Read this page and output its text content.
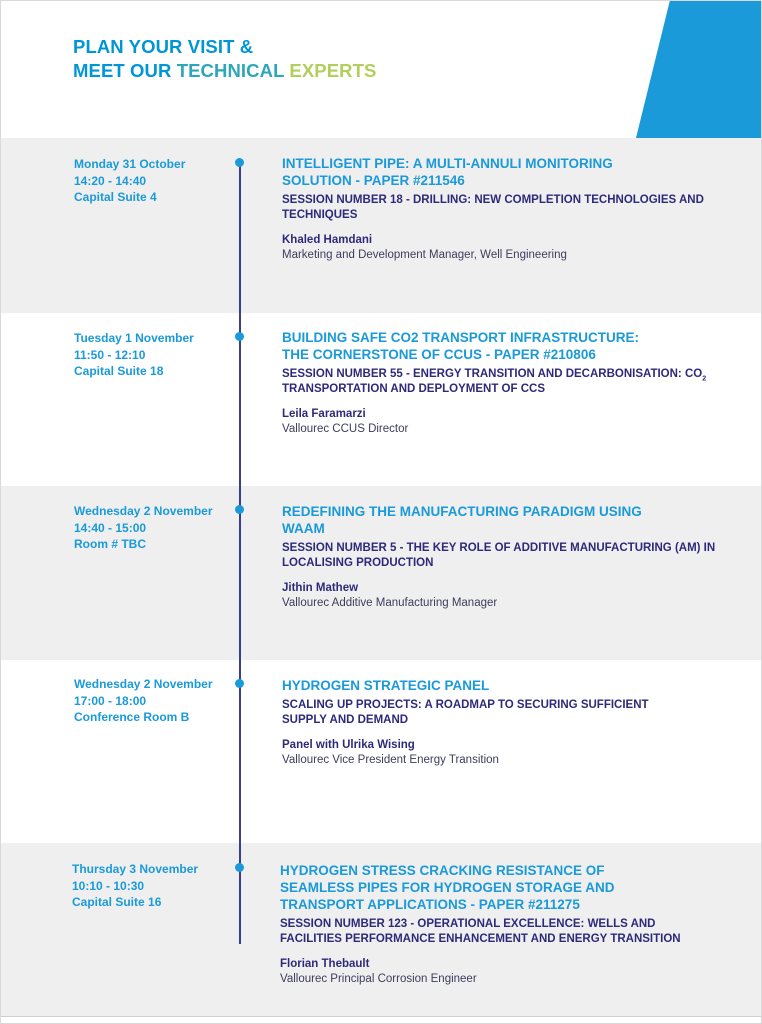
PLAN YOUR VISIT &
MEET OUR TECHNICAL EXPERTS
Monday 31 October
14:20 - 14:40
Capital Suite 4
INTELLIGENT PIPE: A MULTI-ANNULI MONITORING
SOLUTION - PAPER #211546
SESSION NUMBER 18 - DRILLING: NEW COMPLETION TECHNOLOGIES AND TECHNIQUES
Khaled Hamdani
Marketing and Development Manager, Well Engineering
Tuesday 1 November
11:50 - 12:10
Capital Suite 18
BUILDING SAFE CO2 TRANSPORT INFRASTRUCTURE:
THE CORNERSTONE OF CCUS - PAPER #210806
SESSION NUMBER 55 - ENERGY TRANSITION AND DECARBONISATION: $CO_2$ TRANSPORTATION AND DEPLOYMENT OF CCS
Leila Faramarzi
Vallourec CCUS Director
Wednesday 2 November
14:40 - 15:00
Room # TBC
REDEFINING THE MANUFACTURING PARADIGM USING
WAAM
SESSION NUMBER 5 - THE KEY ROLE OF ADDITIVE MANUFACTURING (AM) IN LOCALISING PRODUCTION
Jithin Mathew
Vallourec Additive Manufacturing Manager
Wednesday 2 November
17:00 - 18:00
Conference Room B
HYDROGEN STRATEGIC PANEL
SCALING UP PROJECTS: A ROADMAP TO SECURING SUFFICIENT SUPPLY AND DEMAND
Panel with Ulrika Wising
Vallourec Vice President Energy Transition
Thursday 3 November
10:10 - 10:30
Capital Suite 16
HYDROGEN STRESS CRACKING RESISTANCE OF
SEAMLESS PIPES FOR HYDROGEN STORAGE AND
TRANSPORT APPLICATIONS - PAPER #211275
SESSION NUMBER 123 - OPERATIONAL EXCELLENCE: WELLS AND FACILITIES PERFORMANCE ENHANCEMENT AND ENERGY TRANSITION
Florian Thebault
Vallourec Principal Corrosion Engineer
